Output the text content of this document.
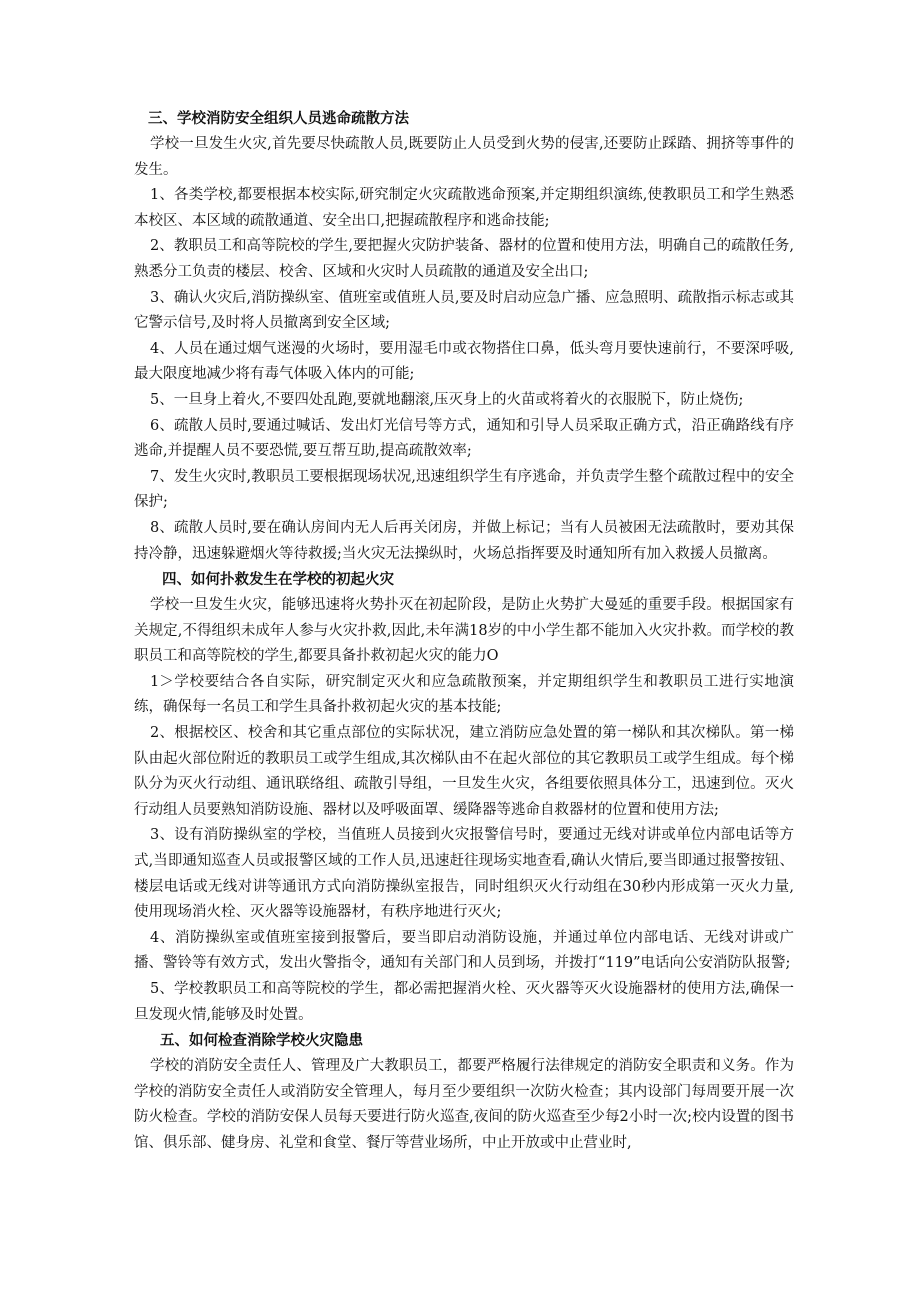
三、学校消防安全组织人员逃命疏散方法

学校一旦发生火灾,首先要尽快疏散人员,既要防止人员受到火势的侵害,还要防止踩踏、拥挤等事件的发生。

1、各类学校,都要根据本校实际,研究制定火灾疏散逃命预案,并定期组织演练,使教职员工和学生熟悉本校区、本区域的疏散通道、安全出口,把握疏散程序和逃命技能;

2、教职员工和高等院校的学生,要把握火灾防护装备、器材的位置和使用方法，明确自己的疏散任务,熟悉分工负责的楼层、校舍、区域和火灾时人员疏散的通道及安全出口;

3、确认火灾后,消防操纵室、值班室或值班人员,要及时启动应急广播、应急照明、疏散指示标志或其它警示信号,及时将人员撤离到安全区域;

4、人员在通过烟气迷漫的火场时，要用湿毛巾或衣物搭住口鼻，低头弯月要快速前行，不要深呼吸,最大限度地减少将有毒气体吸入体内的可能;

5、一旦身上着火,不要四处乱跑,要就地翻滚,压灭身上的火苗或将着火的衣服脱下，防止烧伤;

6、疏散人员时,要通过喊话、发出灯光信号等方式，通知和引导人员采取正确方式，沿正确路线有序逃命,并提醒人员不要恐慌,要互帮互助,提高疏散效率;

7、发生火灾时,教职员工要根据现场状况,迅速组织学生有序逃命，并负责学生整个疏散过程中的安全保护;

8、疏散人员时,要在确认房间内无人后再关闭房，并做上标记；当有人员被困无法疏散时，要劝其保持冷静，迅速躲避烟火等待救援;当火灾无法操纵时，火场总指挥要及时通知所有加入救援人员撤离。

四、如何扑救发生在学校的初起火灾

学校一旦发生火灾，能够迅速将火势扑灭在初起阶段，是防止火势扩大曼延的重要手段。根据国家有关规定,不得组织未成年人参与火灾扑救,因此,未年满18岁的中小学生都不能加入火灾扑救。而学校的教职员工和高等院校的学生,都要具备扑救初起火灾的能力O

1＞学校要结合各自实际，研究制定灭火和应急疏散预案，并定期组织学生和教职员工进行实地演练，确保每一名员工和学生具备扑救初起火灾的基本技能;

2、根据校区、校舍和其它重点部位的实际状况，建立消防应急处置的第一梯队和其次梯队。第一梯队由起火部位附近的教职员工或学生组成,其次梯队由不在起火部位的其它教职员工或学生组成。每个梯队分为灭火行动组、通讯联络组、疏散引导组，一旦发生火灾，各组要依照具体分工，迅速到位。灭火行动组人员要熟知消防设施、器材以及呼吸面罩、缓降器等逃命自救器材的位置和使用方法;

3、设有消防操纵室的学校，当值班人员接到火灾报警信号时，要通过无线对讲或单位内部电话等方式,当即通知巡查人员或报警区域的工作人员,迅速赶往现场实地查看,确认火情后,要当即通过报警按钮、楼层电话或无线对讲等通讯方式向消防操纵室报告，同时组织灭火行动组在30秒内形成第一灭火力量,使用现场消火栓、灭火器等设施器材，有秩序地进行灭火;

4、消防操纵室或值班室接到报警后，要当即启动消防设施，并通过单位内部电话、无线对讲或广播、警铃等有效方式，发出火警指令，通知有关部门和人员到场，并拨打“119”电话向公安消防队报警;

5、学校教职员工和高等院校的学生，都必需把握消火栓、灭火器等灭火设施器材的使用方法,确保一旦发现火情,能够及时处置。

五、如何检查消除学校火灾隐患

学校的消防安全责任人、管理及广大教职员工，都要严格履行法律规定的消防安全职责和义务。作为学校的消防安全责任人或消防安全管理人，每月至少要组织一次防火检查；其内设部门每周要开展一次防火检查。学校的消防安保人员每天要进行防火巡查,夜间的防火巡查至少每2小时一次;校内设置的图书馆、俱乐部、健身房、礼堂和食堂、餐厅等营业场所，中止开放或中止营业时,
